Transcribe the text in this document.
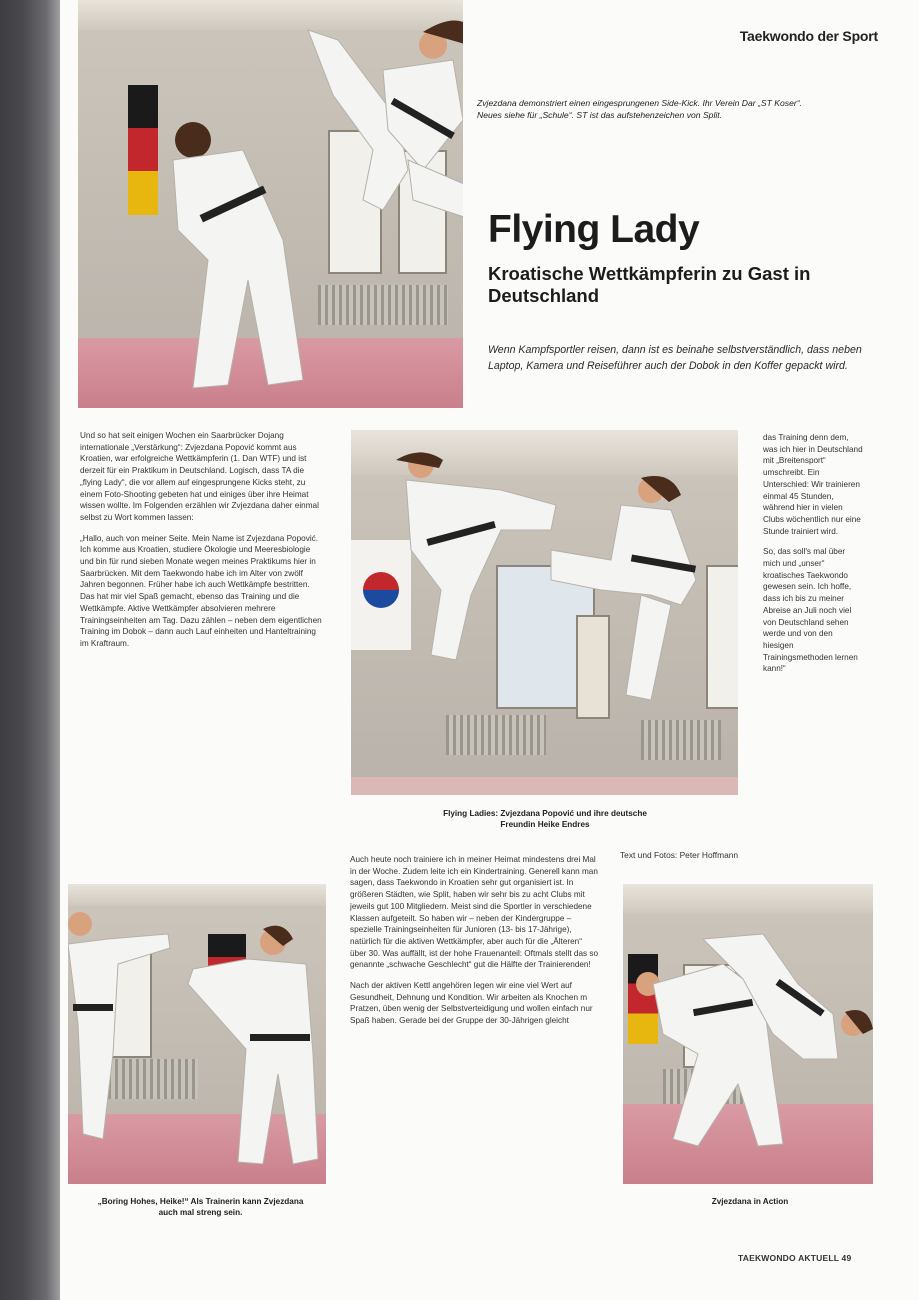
Taekwondo der Sport
Zvjezdana demonstriert einen eingesprungenen Side-Kick. Ihr Verein Dar „ST Koser“. Neues siehe für „Schule“. ST ist das aufstehenzeichen von Split.
Flying Lady
Kroatische Wettkämpferin zu Gast in Deutschland

Wenn Kampfsportler reisen, dann ist es beinahe selbstverständlich, dass neben Laptop, Kamera und Reiseführer auch der Dobok in den Koffer gepackt wird.

Und so hat seit einigen Wochen ein Saarbrücker Dojang internationale „Verstärkung“: Zvjezdana Popović kommt aus Kroatien, war erfolgreiche Wettkämpferin (1. Dan WTF) und ist derzeit für ein Praktikum in Deutschland. Logisch, dass TA die „flying Lady“, die vor allem auf eingesprungene Kicks steht, zu einem Foto-Shooting gebeten hat und einiges über ihre Heimat wissen wollte. Im Folgenden erzählen wir Zvjezdana daher einmal selbst zu Wort kommen lassen:

„Hallo, auch von meiner Seite. Mein Name ist Zvjezdana Popović. Ich komme aus Kroatien, studiere Ökologie und Meeresbiologie und bin für rund sieben Monate wegen meines Praktikums hier in Saarbrücken. Mit dem Taekwondo habe ich im Alter von zwölf Jahren begonnen. Früher habe ich auch Wettkämpfe bestritten. Das hat mir viel Spaß gemacht, ebenso das Training und die Wettkämpfe. Aktive Wettkämpfer absolvieren mehrere Trainingseinheiten am Tag. Dazu zählen – neben dem eigentlichen Training im Dobok – dann auch Lauf einheiten und Hanteltraining im Kraftraum.

Flying Ladies: Zvjezdana Popović und ihre deutsche Freundin Heike Endres

das Training denn dem, was ich hier in Deutschland mit „Breitensport“ umschreibt. Ein Unterschied: Wir trainieren einmal 45 Stunden, während hier in vielen Clubs wöchentlich nur eine Stunde trainiert wird.

So, das soll's mal über mich und „unser“ kroatisches Taekwondo gewesen sein. Ich hoffe, dass ich bis zu meiner Abreise an Juli noch viel von Deutschland sehen werde und von den hiesigen Trainingsmethoden lernen kann!“

Text und Fotos: Peter Hoffmann

Auch heute noch trainiere ich in meiner Heimat mindestens drei Mal in der Woche. Zudem leite ich ein Kindertraining. Generell kann man sagen, dass Taekwondo in Kroatien sehr gut organisiert ist. In größeren Städten, wie Split, haben wir sehr bis zu acht Clubs mit jeweils gut 100 Mitgliedern. Meist sind die Sportler in verschiedene Klassen aufgeteilt. So haben wir – neben der Kindergruppe – spezielle Trainingseinheiten für Junioren (13- bis 17-Jährige), natürlich für die aktiven Wettkämpfer, aber auch für die „Älteren“ über 30. Was auffällt, ist der hohe Frauenanteil: Oftmals stellt das so genannte „schwache Geschlecht“ gut die Hälfte der Trainierenden!

Nach der aktiven Kettl angehören legen wir eine viel Wert auf Gesundheit, Dehnung und Kondition. Wir arbeiten als Knochen m Pratzen, üben wenig der Selbstverteidigung und wollen einfach nur Spaß haben. Gerade bei der Gruppe der 30-Jährigen gleicht

„Boring Hohes, Heike!“ Als Trainerin kann Zvjezdana auch mal streng sein.
Zvjezdana in Action
TAEKWONDO AKTUELL 49
